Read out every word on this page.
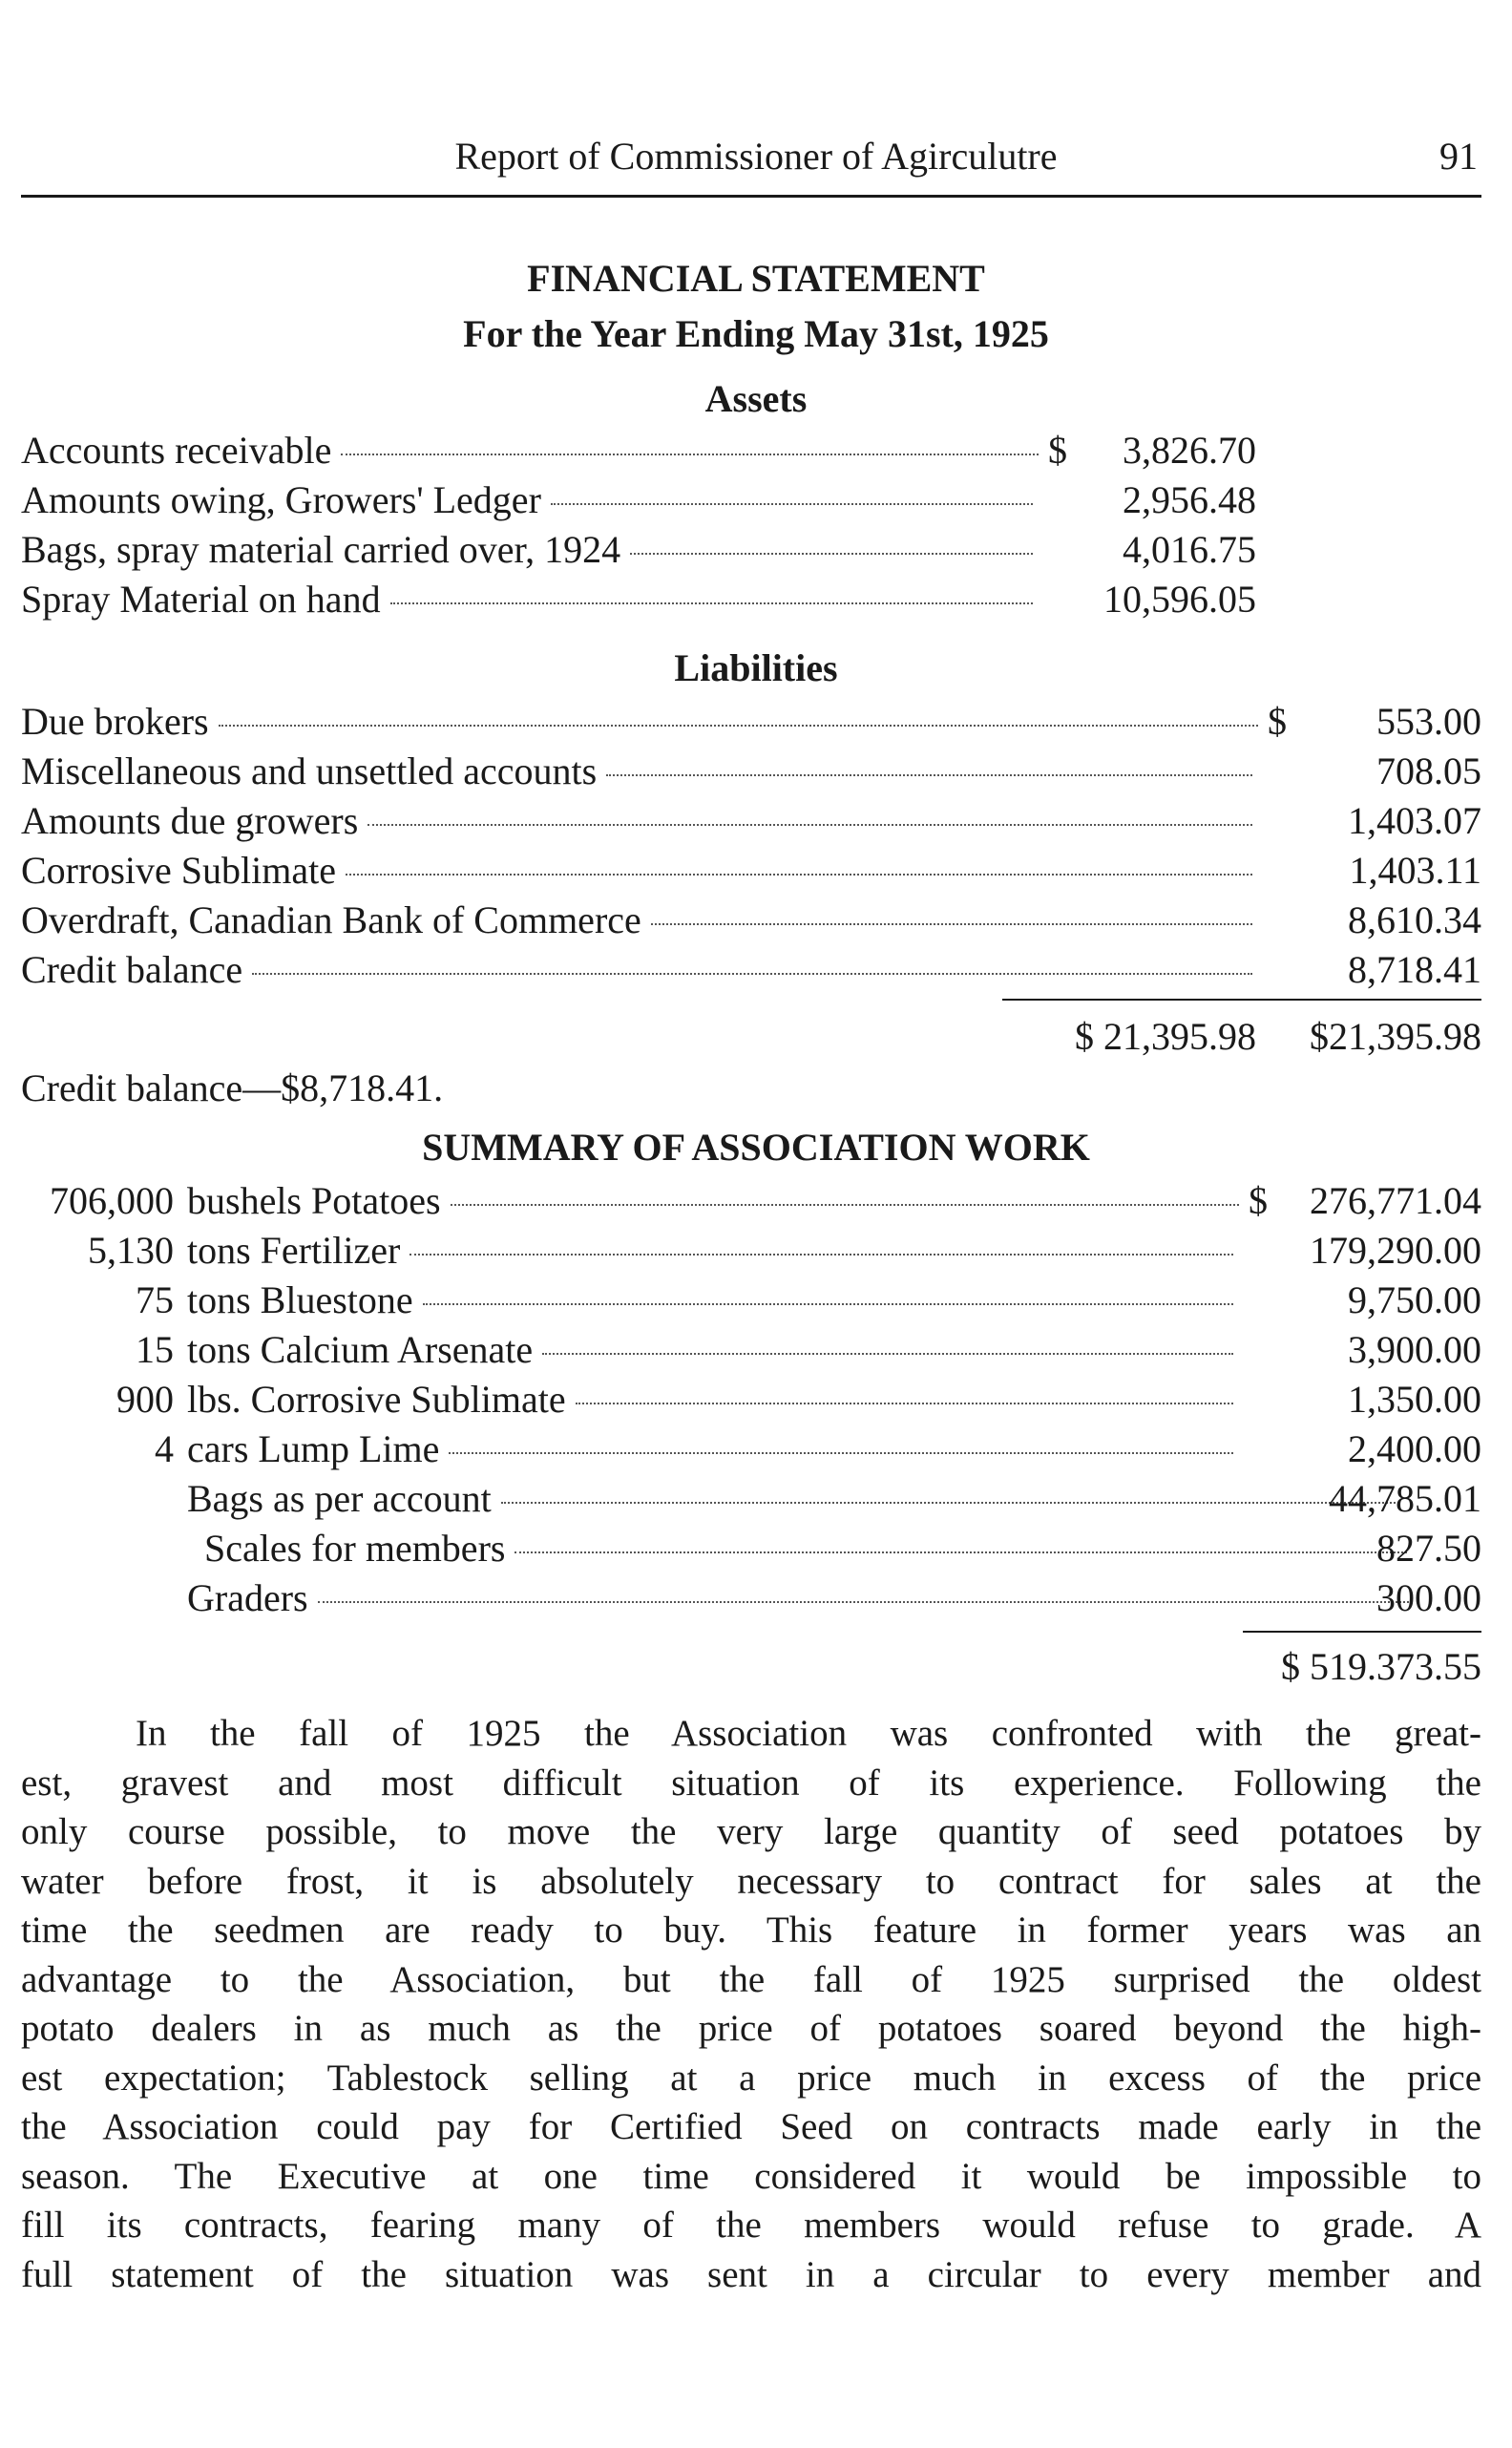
Report of Commissioner of Agirculutre	91
FINANCIAL STATEMENT
For the Year Ending May 31st, 1925
Assets
Accounts receivable	$ 3,826.70
Amounts owing, Growers' Ledger	2,956.48
Bags, spray material carried over, 1924	4,016.75
Spray Material on hand	10,596.05
Liabilities
Due brokers	$ 553.00
Miscellaneous and unsettled accounts	708.05
Amounts due growers	1,403.07
Corrosive Sublimate	1,403.11
Overdraft, Canadian Bank of Commerce	8,610.34
Credit balance	8,718.41
$ 21,395.98 $21,395.98
Credit balance—$8,718.41.
SUMMARY OF ASSOCIATION WORK
706,000 bushels Potatoes	$ 276,771.04
5,130 tons Fertilizer	179,290.00
75 tons Bluestone	9,750.00
15 tons Calcium Arsenate	3,900.00
900 lbs. Corrosive Sublimate	1,350.00
4 cars Lump Lime	2,400.00
Bags as per account	44,785.01
Scales for members	827.50
Graders	300.00
$ 519.373.55
In the fall of 1925 the Association was confronted with the great-
est, gravest and most difficult situation of its experience. Following the
only course possible, to move the very large quantity of seed potatoes by
water before frost, it is absolutely necessary to contract for sales at the
time the seedmen are ready to buy. This feature in former years was an
advantage to the Association, but the fall of 1925 surprised the oldest
potato dealers in as much as the price of potatoes soared beyond the high-
est expectation; Tablestock selling at a price much in excess of the price
the Association could pay for Certified Seed on contracts made early in the
season. The Executive at one time considered it would be impossible to
fill its contracts, fearing many of the members would refuse to grade. A
full statement of the situation was sent in a circular to every member and
